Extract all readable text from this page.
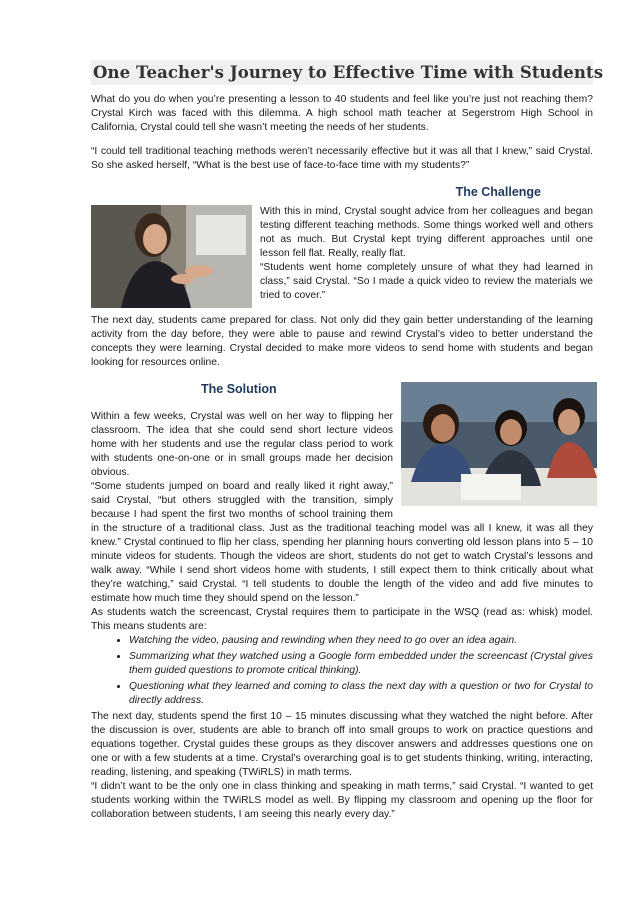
One Teacher's Journey to Effective Time with Students

What do you do when you’re presenting a lesson to 40 students and feel like you’re just not reaching them? Crystal Kirch was faced with this dilemma. A high school math teacher at Segerstrom High School in California, Crystal could tell she wasn’t meeting the needs of her students.

“I could tell traditional teaching methods weren’t necessarily effective but it was all that I knew,” said Crystal. So she asked herself, “What is the best use of face-to-face time with my students?”

The Challenge

With this in mind, Crystal sought advice from her colleagues and began testing different teaching methods. Some things worked well and others not as much. But Crystal kept trying different approaches until one lesson fell flat. Really, really flat.

“Students went home completely unsure of what they had learned in class,” said Crystal. “So I made a quick video to review the materials we tried to cover.”

The next day, students came prepared for class. Not only did they gain better understanding of the learning activity from the day before, they were able to pause and rewind Crystal’s video to better understand the concepts they were learning. Crystal decided to make more videos to send home with students and began looking for resources online.

The Solution

Within a few weeks, Crystal was well on her way to flipping her classroom. The idea that she could send short lecture videos home with her students and use the regular class period to work with students one-on-one or in small groups made her decision obvious.

“Some students jumped on board and really liked it right away,” said Crystal, “but others struggled with the transition, simply because I had spent the first two months of school training them in the structure of a traditional class. Just as the traditional teaching model was all I knew, it was all they knew.” Crystal continued to flip her class, spending her planning hours converting old lesson plans into 5 – 10 minute videos for students. Though the videos are short, students do not get to watch Crystal’s lessons and walk away. “While I send short videos home with students, I still expect them to think critically about what they’re watching,” said Crystal. “I tell students to double the length of the video and add five minutes to estimate how much time they should spend on the lesson.”

As students watch the screencast, Crystal requires them to participate in the WSQ (read as: whisk) model. This means students are:

• Watching the video, pausing and rewinding when they need to go over an idea again.
• Summarizing what they watched using a Google form embedded under the screencast (Crystal gives them guided questions to promote critical thinking).
• Questioning what they learned and coming to class the next day with a question or two for Crystal to directly address.

The next day, students spend the first 10 – 15 minutes discussing what they watched the night before. After the discussion is over, students are able to branch off into small groups to work on practice questions and equations together. Crystal guides these groups as they discover answers and addresses questions one on one or with a few students at a time. Crystal’s overarching goal is to get students thinking, writing, interacting, reading, listening, and speaking (TWiRLS) in math terms.

“I didn’t want to be the only one in class thinking and speaking in math terms,” said Crystal. “I wanted to get students working within the TWiRLS model as well. By flipping my classroom and opening up the floor for collaboration between students, I am seeing this nearly every day.”
